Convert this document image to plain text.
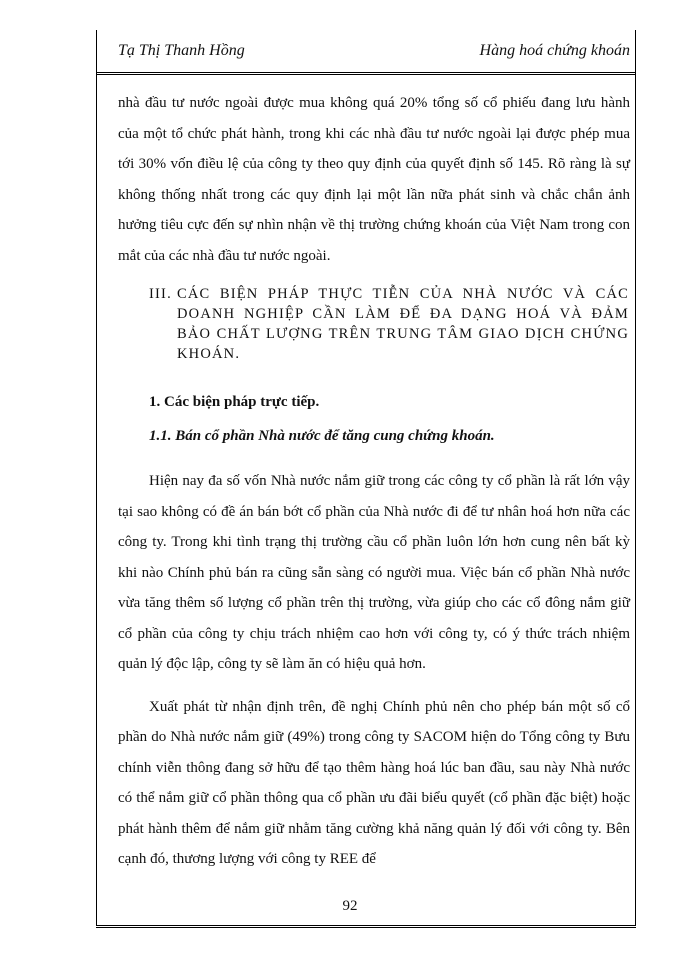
Tạ Thị Thanh Hồng	Hàng hoá chứng khoán

nhà đầu tư nước ngoài được mua không quá 20% tổng số cổ phiếu đang lưu hành của một tổ chức phát hành, trong khi các nhà đầu tư nước ngoài lại được phép mua tới 30% vốn điều lệ của công ty theo quy định của quyết định số 145. Rõ ràng là sự không thống nhất trong các quy định lại một lần nữa phát sinh và chắc chắn ảnh hưởng tiêu cực đến sự nhìn nhận về thị trường chứng khoán của Việt Nam trong con mắt của các nhà đầu tư nước ngoài.

III. CÁC BIỆN PHÁP THỰC TIỄN CỦA NHÀ NƯỚC VÀ CÁC DOANH NGHIỆP CẦN LÀM ĐỂ ĐA DẠNG HOÁ VÀ ĐẢM BẢO CHẤT LƯỢNG TRÊN TRUNG TÂM GIAO DỊCH CHỨNG KHOÁN.
1. Các biện pháp trực tiếp.
1.1. Bán cổ phần Nhà nước để tăng cung chứng khoán.

Hiện nay đa số vốn Nhà nước nắm giữ trong các công ty cổ phần là rất lớn vậy tại sao không có đề án bán bớt cổ phần của Nhà nước đi để tư nhân hoá hơn nữa các công ty. Trong khi tình trạng thị trường cầu cổ phần luôn lớn hơn cung nên bất kỳ khi nào Chính phủ bán ra cũng sẵn sàng có người mua. Việc bán cổ phần Nhà nước vừa tăng thêm số lượng cổ phần trên thị trường, vừa giúp cho các cổ đông nắm giữ cổ phần của công ty chịu trách nhiệm cao hơn với công ty, có ý thức trách nhiệm quản lý độc lập, công ty sẽ làm ăn có hiệu quả hơn.

Xuất phát từ nhận định trên, đề nghị Chính phủ nên cho phép bán một số cổ phần do Nhà nước nắm giữ (49%) trong công ty SACOM hiện do Tổng công ty Bưu chính viễn thông đang sở hữu để tạo thêm hàng hoá lúc ban đầu, sau này Nhà nước có thể nắm giữ cổ phần thông qua cổ phần ưu đãi biểu quyết (cổ phần đặc biệt) hoặc phát hành thêm để nắm giữ nhằm tăng cường khả năng quản lý đối với công ty. Bên cạnh đó, thương lượng với công ty REE để

92
